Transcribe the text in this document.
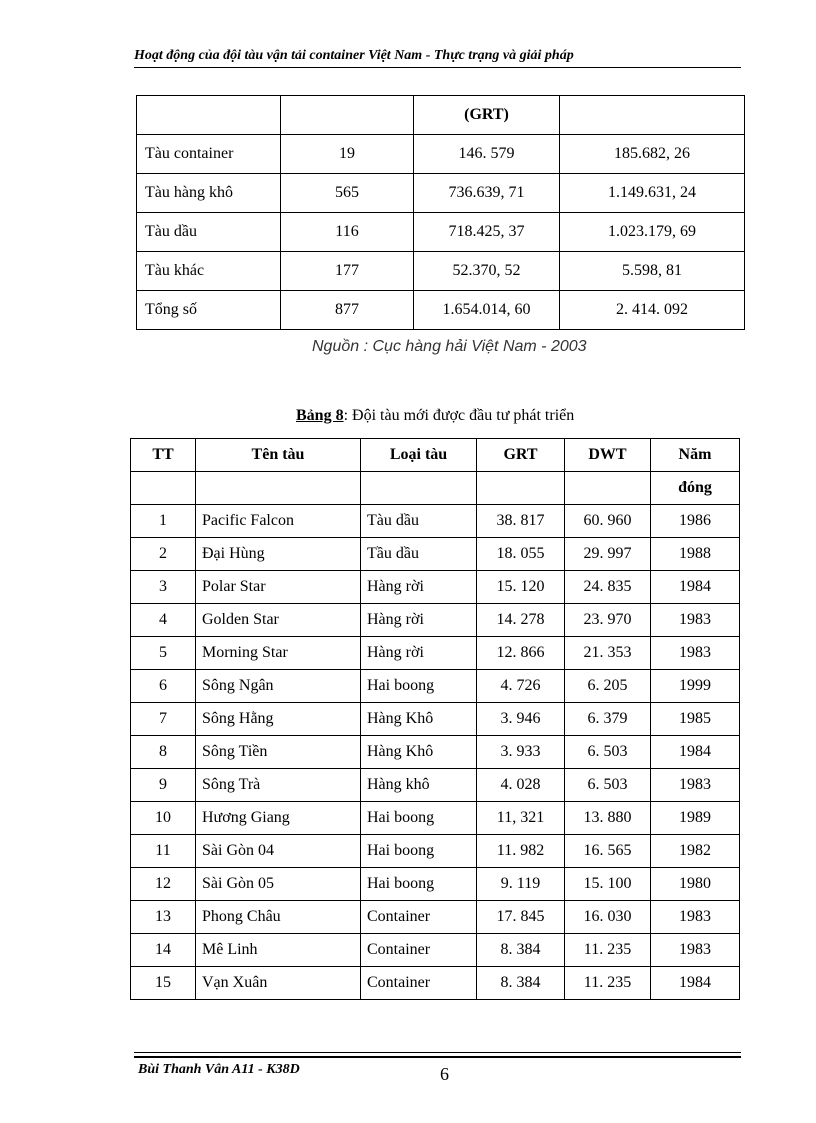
Hoạt động của đội tàu vận tải container Việt Nam - Thực trạng và giải pháp
		(GRT)	
Tàu container	19	146. 579	185.682, 26
Tàu hàng khô	565	736.639, 71	1.149.631, 24
Tàu dầu	116	718.425, 37	1.023.179, 69
Tàu khác	177	52.370, 52	5.598, 81
Tổng số	877	1.654.014, 60	2. 414. 092
Nguồn : Cục hàng hải Việt Nam - 2003
Bảng 8: Đội tàu mới được đầu tư phát triển
TT	Tên tàu	Loại tàu	GRT	DWT	Năm
					đóng
1	Pacific Falcon	Tàu dầu	38. 817	60. 960	1986
2	Đại Hùng	Tầu dầu	18. 055	29. 997	1988
3	Polar Star	Hàng rời	15. 120	24. 835	1984
4	Golden Star	Hàng rời	14. 278	23. 970	1983
5	Morning Star	Hàng rời	12. 866	21. 353	1983
6	Sông Ngân	Hai boong	4. 726	6. 205	1999
7	Sông Hằng	Hàng Khô	3. 946	6. 379	1985
8	Sông Tiền	Hàng Khô	3. 933	6. 503	1984
9	Sông Trà	Hàng khô	4. 028	6. 503	1983
10	Hương Giang	Hai boong	11, 321	13. 880	1989
11	Sài Gòn 04	Hai boong	11. 982	16. 565	1982
12	Sài Gòn 05	Hai boong	9. 119	15. 100	1980
13	Phong Châu	Container	17. 845	16. 030	1983
14	Mê Linh	Container	8. 384	11. 235	1983
15	Vạn Xuân	Container	8. 384	11. 235	1984
Bùi Thanh Vân A11 - K38D	6
